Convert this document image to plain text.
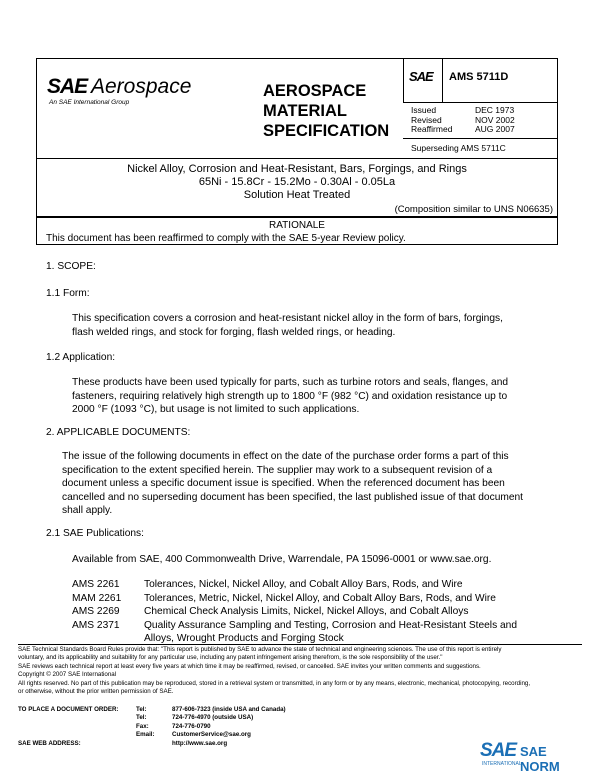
SAE Aerospace
An SAE International Group
AEROSPACE
MATERIAL
SPECIFICATION
SAE AMS 5711D
Issued	DEC 1973
Revised	NOV 2002
Reaffirmed	AUG 2007
Superseding AMS 5711C
Nickel Alloy, Corrosion and Heat-Resistant, Bars, Forgings, and Rings
65Ni - 15.8Cr - 15.2Mo - 0.30Al - 0.05La
Solution Heat Treated
(Composition similar to UNS N06635)
RATIONALE
This document has been reaffirmed to comply with the SAE 5-year Review policy.
1. SCOPE:
1.1 Form:
This specification covers a corrosion and heat-resistant nickel alloy in the form of bars, forgings,
flash welded rings, and stock for forging, flash welded rings, or heading.
1.2 Application:
These products have been used typically for parts, such as turbine rotors and seals, flanges, and
fasteners, requiring relatively high strength up to 1800 °F (982 °C) and oxidation resistance up to
2000 °F (1093 °C), but usage is not limited to such applications.
2. APPLICABLE DOCUMENTS:
The issue of the following documents in effect on the date of the purchase order forms a part of this
specification to the extent specified herein. The supplier may work to a subsequent revision of a
document unless a specific document issue is specified. When the referenced document has been
cancelled and no superseding document has been specified, the last published issue of that document
shall apply.
2.1 SAE Publications:
Available from SAE, 400 Commonwealth Drive, Warrendale, PA 15096-0001 or www.sae.org.
AMS 2261 Tolerances, Nickel, Nickel Alloy, and Cobalt Alloy Bars, Rods, and Wire
MAM 2261 Tolerances, Metric, Nickel, Nickel Alloy, and Cobalt Alloy Bars, Rods, and Wire
AMS 2269 Chemical Check Analysis Limits, Nickel, Nickel Alloys, and Cobalt Alloys
AMS 2371 Quality Assurance Sampling and Testing, Corrosion and Heat-Resistant Steels and
Alloys, Wrought Products and Forging Stock
SAE Technical Standards Board Rules provide that: "This report is published by SAE to advance the state of technical and engineering sciences. The use of this report is entirely
voluntary, and its applicability and suitability for any particular use, including any patent infringement arising therefrom, is the sole responsibility of the user."
SAE reviews each technical report at least every five years at which time it may be reaffirmed, revised, or cancelled. SAE invites your written comments and suggestions.
Copyright © 2007 SAE International
All rights reserved. No part of this publication may be reproduced, stored in a retrieval system or transmitted, in any form or by any means, electronic, mechanical, photocopying, recording,
or otherwise, without the prior written permission of SAE.
TO PLACE A DOCUMENT ORDER:	Tel:	877-606-7323 (inside USA and Canada)
Tel:	724-776-4970 (outside USA)
Fax:	724-776-0790
Email:	CustomerService@sae.org
SAE WEB ADDRESS:	http://www.sae.org	SAE SAE NORM
INTERNATIONAL
